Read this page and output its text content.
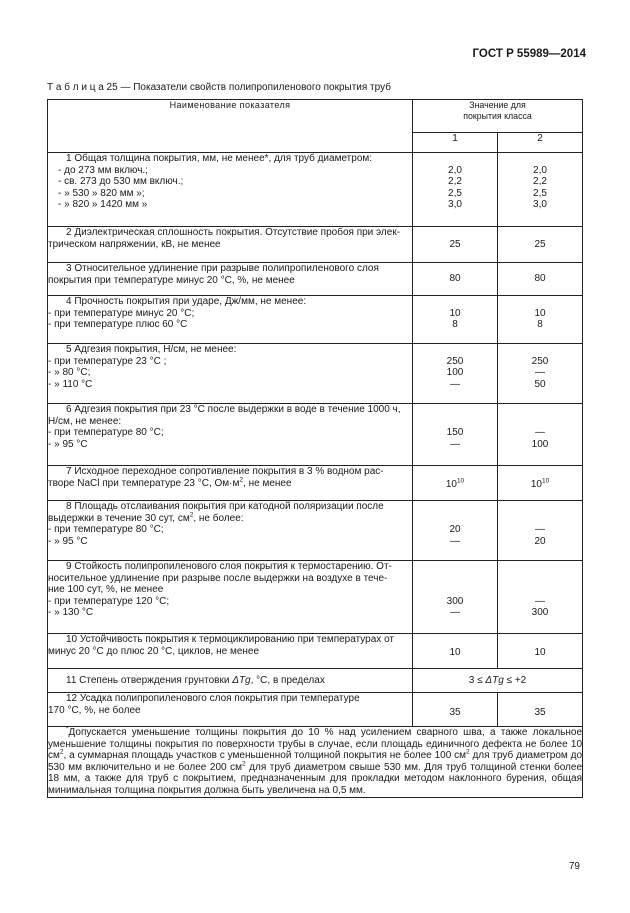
ГОСТ Р 55989—2014
Т а б л и ц а 25 — Показатели свойств полипропиленового покрытия труб
Наименование показателя	Значение для
покрытия класса	

	1	2

1 Общая толщина покрытия, мм, не менее*, для труб диаметром:
- до 273 мм включ.;
- св. 273 до 530 мм включ.;
- » 530 » 820 мм »;
- » 820 » 1420 мм »	2,0
2,2
2,5
3,0	2,0
2,2
2,5
3,0

2 Диэлектрическая сплошность покрытия. Отсутствие пробоя при элек-
трическом напряжении, кВ, не менее	25	25

3 Относительное удлинение при разрыве полипропиленового слоя
покрытия при температуре минус 20 °С, %, не менее	80	80

4 Прочность покрытия при ударе, Дж/мм, не менее:
- при температуре минус 20 °С;
- при температуре плюс 60 °С	10
8	10
8

5 Адгезия покрытия, Н/см, не менее:
- при температуре 23 °С ;
- » 80 °С;
- » 110 °С	250
100
—	250
—
50

6 Адгезия покрытия при 23 °С после выдержки в воде в течение 1000 ч,
Н/см, не менее:
- при температуре 80 °С;
- » 95 °С	150
—	—
100

7 Исходное переходное сопротивление покрытия в 3 % водном рас-
творе NaCl при температуре 23 °С, $Ом\cdot м^2$, не менее	$10^{10}$	$10^{10}$

8 Площадь отслаивания покрытия при катодной поляризации после
выдержки в течение 30 сут, $см^2$, не более:
- при температуре 80 °С;
- » 95 °С	20
—	—
20

9 Стойкость полипропиленового слоя покрытия к термостарению. От-
носительное удлинение при разрыве после выдержки на воздухе в тече-
ние 100 сут, %, не менее
- при температуре 120 °С;
- » 130 °С	300
—	—
300

10 Устойчивость покрытия к термоциклированию при температурах от
минус 20 °С до плюс 20 °С, циклов, не менее	10	10

11 Степень отверждения грунтовки ΔTg, °С, в пределах	3 ≤ ΔTg ≤ +2	

12 Усадка полипропиленового слоя покрытия при температуре
170 °С, %, не более	35	35

*Допускается уменьшение толщины покрытия до 10 % над усилением сварного шва, а также локальное уменьшение толщины покрытия по поверхности трубы в случае, если площадь единичного дефекта не более 10 $см^2$, а суммарная площадь участков с уменьшенной толщиной покрытия не более 100 $см^2$ для труб диаметром до 530 мм включительно и не более 200 $см^2$ для труб диаметром свыше 530 мм. Для труб толщиной стенки более 18 мм, а также для труб с покрытием, предназначенным для прокладки методом наклонного бурения, общая минимальная толщина покрытия должна быть увеличена на 0,5 мм.		
79
